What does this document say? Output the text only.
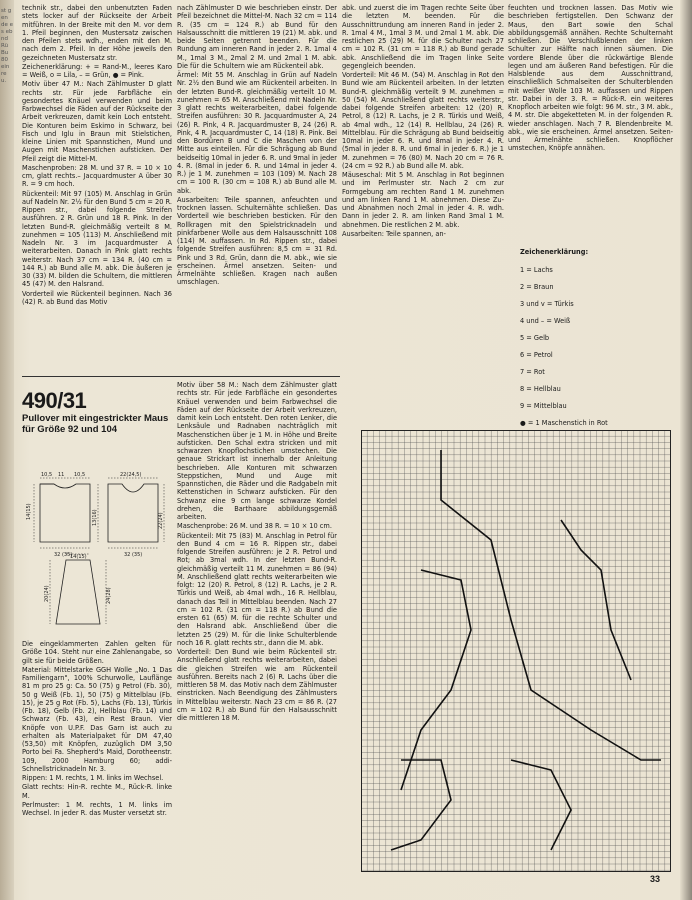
st gen de es eb nd Rü Bu 80 ein re u.

technik str., dabei den unbenutzten Faden stets locker auf der Rückseite der Arbeit mitführen. In der Breite mit den M. vor dem 1. Pfeil beginnen, den Mustersatz zwischen den Pfeilen stets wdh., enden mit den M. nach dem 2. Pfeil. In der Höhe jeweils den gezeichneten Mustersatz str.

Zeichenerklärung: + = Rand-M., leeres Karo = Weiß, o = Lila, – = Grün, ● = Pink.

Motiv über 47 M.: Nach Zählmuster D glatt rechts str. Für jede Farbfläche ein gesondertes Knäuel verwenden und beim Farbwechsel die Fäden auf der Rückseite der Arbeit verkreuzen, damit kein Loch entsteht. Die Konturen beim Eskimo in Schwarz, bei Fisch und Iglu in Braun mit Stielstichen, kleine Linien mit Spannstichen, Mund und Augen mit Maschenstichen aufsticken. Der Pfeil zeigt die Mittel-M.

Maschenproben: 28 M. und 37 R. = 10 × 10 cm, glatt rechts.– Jacquardmuster A über 30 R. = 9 cm hoch.

Rückenteil: Mit 97 (105) M. Anschlag in Grün auf Nadeln Nr. 2½ für den Bund 5 cm = 20 R. Rippen str., dabei folgende Streifen ausführen. 2 R. Grün und 18 R. Pink. In der letzten Bund-R. gleichmäßig verteilt 8 M. zunehmen = 105 (113) M. Anschließend mit Nadeln Nr. 3 im Jacquardmuster A weiterarbeiten. Danach in Pink glatt rechts weiterstr. Nach 37 cm = 134 R. (40 cm = 144 R.) ab Bund alle M. abk. Die äußeren je 30 (33) M. bilden die Schultern, die mittleren 45 (47) M. den Halsrand.

Vorderteil wie Rückenteil beginnen. Nach 36 (42) R. ab Bund das Motiv

nach Zählmuster D wie beschrieben einstr. Der Pfeil bezeichnet die Mittel-M. Nach 32 cm = 114 R. (35 cm = 124 R.) ab Bund für den Halsausschnitt die mittleren 19 (21) M. abk. und beide Seiten getrennt beenden. Für die Rundung am inneren Rand in jeder 2. R. 1mal 4 M., 1mal 3 M., 2mal 2 M. und 2mal 1 M. abk. Die für die Schultern wie am Rückenteil abk.

Ärmel: Mit 55 M. Anschlag in Grün auf Nadeln Nr. 2½ den Bund wie am Rückenteil arbeiten. In der letzten Bund-R. gleichmäßig verteilt 10 M. zunehmen = 65 M. Anschließend mit Nadeln Nr. 3 glatt rechts weiterarbeiten, dabei folgende Streifen ausführen: 30 R. Jacquardmuster A, 24 (26) R. Pink, 4 R. Jacquardmuster B, 24 (26) R. Pink, 4 R. Jacquardmuster C, 14 (18) R. Pink. Bei den Bordüren B und C die Maschen von der Mitte aus einteilen. Für die Schrägung ab Bund beidseitig 10mal in jeder 6. R. und 9mal in jeder 4. R. (8mal in jeder 6. R. und 14mal in jeder 4. R.) je 1 M. zunehmen = 103 (109) M. Nach 28 cm = 100 R. (30 cm = 108 R.) ab Bund alle M. abk.

Ausarbeiten: Teile spannen, anfeuchten und trocknen lassen. Schulternähte schließen. Das Vorderteil wie beschrieben besticken. Für den Rollkragen mit den Spielstricknadeln und pinkfarbener Wolle aus dem Halsausschnitt 108 (114) M. auffassen. In Rd. Rippen str., dabei folgende Streifen ausführen: 8,5 cm = 31 Rd. Pink und 3 Rd. Grün, dann die M. abk., wie sie erscheinen. Ärmel ansetzen. Seiten- und Ärmelnähte schließen. Kragen nach außen umschlagen.

abk. und zuerst die im Tragen rechte Seite über die letzten M. beenden. Für die Ausschnittrundung am inneren Rand in jeder 2. R. 1mal 4 M., 1mal 3 M. und 2mal 1 M. abk. Die restlichen 25 (29) M. für die Schulter nach 27 cm = 102 R. (31 cm = 118 R.) ab Bund gerade abk. Anschließend die im Tragen linke Seite gegengleich beenden.

Vorderteil: Mit 46 M. (54) M. Anschlag in Rot den Bund wie am Rückenteil arbeiten. In der letzten Bund-R. gleichmäßig verteilt 9 M. zunehmen = 50 (54) M. Anschließend glatt rechts weiterstr., dabei folgende Streifen arbeiten: 12 (20) R. Petrol, 8 (12) R. Lachs, je 2 R. Türkis und Weiß, ab 4mal wdh., 12 (14) R. Hellblau, 24 (26) R. Mittelblau. Für die Schrägung ab Bund beidseitig 10mal in jeder 6. R. und 8mal in jeder 4. R. (5mal in jeder 8. R. und 6mal in jeder 6. R.) je 1 M. zunehmen = 76 (80) M. Nach 20 cm = 76 R. (24 cm = 92 R.) ab Bund alle M. abk.

Mäuseschal: Mit 5 M. Anschlag in Rot beginnen und im Perlmuster str. Nach 2 cm zur Formgebung am rechten Rand 1 M. zunehmen und am linken Rand 1 M. abnehmen. Diese Zu- und Abnahmen noch 2mal in jeder 4. R. wdh. Dann in jeder 2. R. am linken Rand 3mal 1 M. abnehmen. Die restlichen 2 M. abk.

Ausarbeiten: Teile spannen, an-

feuchten und trocknen lassen. Das Motiv wie beschrieben fertigstellen. Den Schwanz der Maus, den Bart sowie den Schal abbildungsgemäß annähen. Rechte Schulternaht schließen. Die Verschlußblenden der linken Schulter zur Hälfte nach innen säumen. Die vordere Blende über die rückwärtige Blende legen und am äußeren Rand befestigen. Für die Halsblende aus dem Ausschnittrand, einschließlich Schmalseiten der Schulterblenden mit weißer Wolle 103 M. auffassen und Rippen str. Dabei in der 3. R. = Rück-R. ein weiteres Knopfloch arbeiten wie folgt: 96 M. str., 3 M. abk., 4 M. str. Die abgeketteten M. in der folgenden R. wieder anschlagen. Nach 7 R. Blendenbreite M. abk., wie sie erscheinen. Ärmel ansetzen. Seiten- und Ärmelnähte schließen. Knopflöcher umstechen, Knöpfe annähen.

Zeichenerklärung:
1 = Lachs
2 = Braun
3 und v = Türkis
4 und – = Weiß
5 = Gelb
6 = Petrol
7 = Rot
8 = Hellblau
9 = Mittelblau
● = 1 Maschenstich in Rot
490/31
Pullover mit eingestrickter Maus für Größe 92 und 104
10,5 11 10,5
14(15)	13(16)
22(24,5)
22(24)
32 (35)
14(15)
20(24)	24(28)
32 (35)

Die eingeklammerten Zahlen gelten für Größe 104. Steht nur eine Zahlenangabe, so gilt sie für beide Größen.

Material: Mittelstarke GGH Wolle „No. 1 Das Familiengarn", 100% Schurwolle, Lauflänge 81 m pro 25 g: Ca. 50 (75) g Petrol (Fb. 30), 50 g Weiß (Fb. 1), 50 (75) g Mittelblau (Fb. 15), je 25 g Rot (Fb. 5), Lachs (Fb. 13), Türkis (Fb. 18), Gelb (Fb. 2), Hellblau (Fb. 14) und Schwarz (Fb. 43), ein Rest Braun. Vier Knöpfe von U.P.F. Das Garn ist auch zu erhalten als Materialpaket für DM 47,40 (53,50) mit Knöpfen, zuzüglich DM 3,50 Porto bei Fa. Shepherd's Maid, Dorotheenstr. 109, 2000 Hamburg 60; addi-Schnellstricknadeln Nr. 3.

Rippen: 1 M. rechts, 1 M. links im Wechsel.

Glatt rechts: Hin-R. rechte M., Rück-R. linke M.

Perlmuster: 1 M. rechts, 1 M. links im Wechsel. In jeder R. das Muster versetzt str.

Motiv über 58 M.: Nach dem Zählmuster glatt rechts str. Für jede Farbfläche ein gesondertes Knäuel verwenden und beim Farbwechsel die Fäden auf der Rückseite der Arbeit verkreuzen, damit kein Loch entsteht. Den roten Lenker, die Lenksäule und Radnaben nachträglich mit Maschenstichen über je 1 M. in Höhe und Breite aufsticken. Den Schal extra stricken und mit schwarzen Knopflochstichen umstechen. Die genaue Strickart ist innerhalb der Anleitung beschrieben. Alle Konturen mit schwarzen Steppstichen, Mund und Auge mit Spannstichen, die Räder und die Radgabeln mit Kettenstichen in Schwarz aufsticken. Für den Schwanz eine 9 cm lange schwarze Kordel drehen, die Barthaare abbildungsgemäß arbeiten.

Maschenprobe: 26 M. und 38 R. = 10 × 10 cm.

Rückenteil: Mit 75 (83) M. Anschlag in Petrol für den Bund 4 cm = 16 R. Rippen str., dabei folgende Streifen ausführen: je 2 R. Petrol und Rot; ab 3mal wdh. In der letzten Bund-R. gleichmäßig verteilt 11 M. zunehmen = 86 (94) M. Anschließend glatt rechts weiterarbeiten wie folgt: 12 (20) R. Petrol, 8 (12) R. Lachs, je 2 R. Türkis und Weiß, ab 4mal wdh., 16 R. Hellblau, danach das Teil in Mittelblau beenden. Nach 27 cm = 102 R. (31 cm = 118 R.) ab Bund die ersten 61 (65) M. für die rechte Schulter und den Halsrand abk. Anschließend über die letzten 25 (29) M. für die linke Schulterblende noch 16 R. glatt rechts str., dann die M. abk.

Vorderteil: Den Bund wie beim Rückenteil str. Anschließend glatt rechts weiterarbeiten, dabei die gleichen Streifen wie am Rückenteil ausführen. Bereits nach 2 (6) R. Lachs über die mittleren 58 M. das Motiv nach dem Zählmuster einstricken. Nach Beendigung des Zählmusters in Mittelblau weiterstr. Nach 23 cm = 86 R. (27 cm = 102 R.) ab Bund für den Halsausschnitt die mittleren 18 M.

33
